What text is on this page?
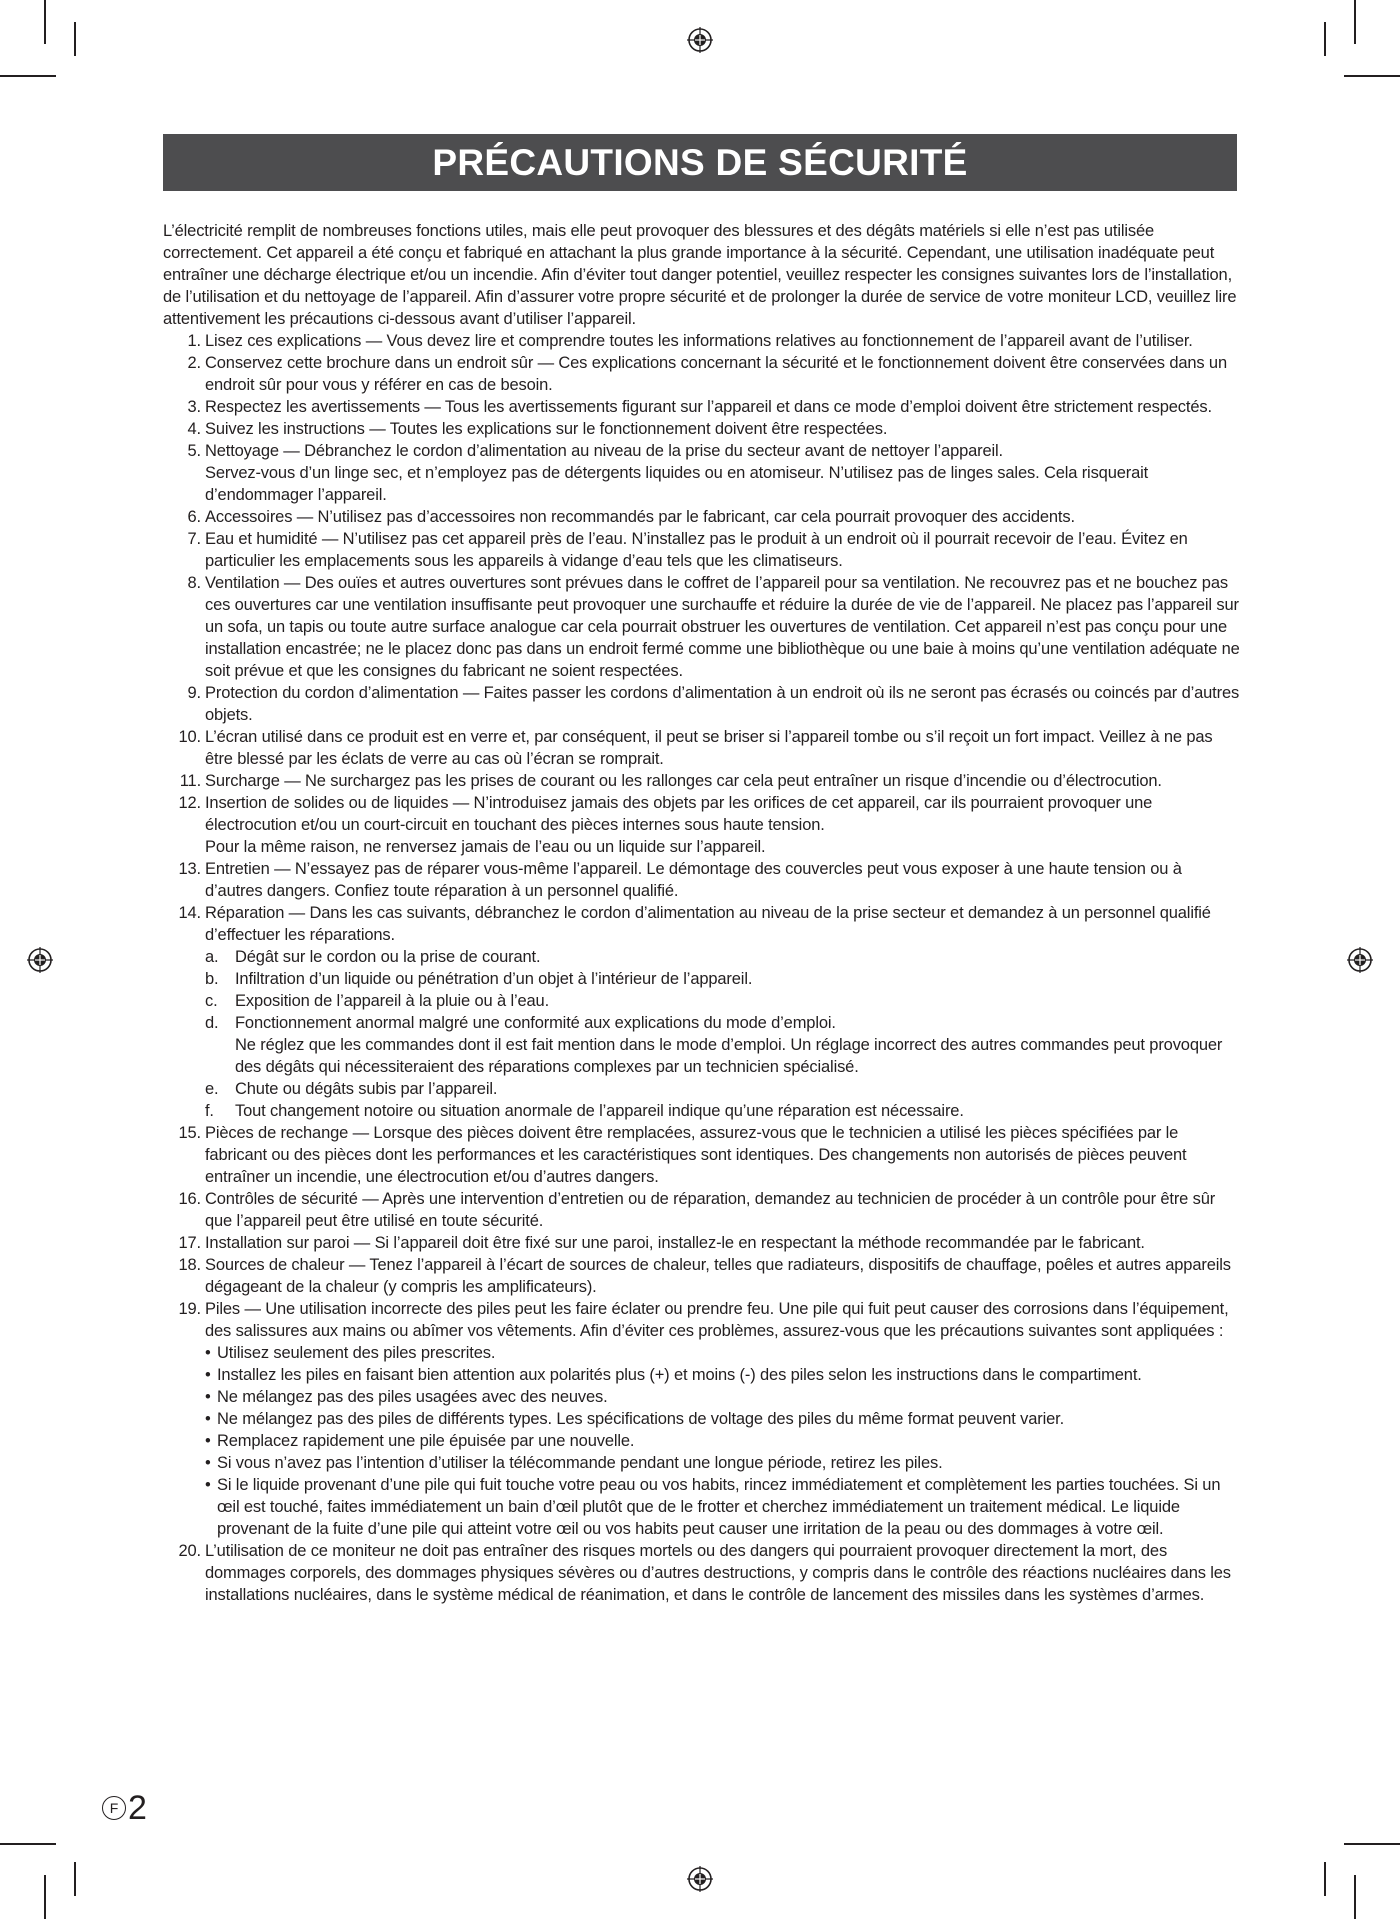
PRÉCAUTIONS DE SÉCURITÉ

L’électricité remplit de nombreuses fonctions utiles, mais elle peut provoquer des blessures et des dégâts matériels si elle n’est pas utilisée correctement. Cet appareil a été conçu et fabriqué en attachant la plus grande importance à la sécurité. Cependant, une utilisation inadéquate peut entraîner une décharge électrique et/ou un incendie. Afin d’éviter tout danger potentiel, veuillez respecter les consignes suivantes lors de l’installation, de l’utilisation et du nettoyage de l’appareil. Afin d’assurer votre propre sécurité et de prolonger la durée de service de votre moniteur LCD, veuillez lire attentivement les précautions ci-dessous avant d’utiliser l’appareil.

1. Lisez ces explications — Vous devez lire et comprendre toutes les informations relatives au fonctionnement de l’appareil avant de l’utiliser.
2. Conservez cette brochure dans un endroit sûr — Ces explications concernant la sécurité et le fonctionnement doivent être conservées dans un endroit sûr pour vous y référer en cas de besoin.
3. Respectez les avertissements — Tous les avertissements figurant sur l’appareil et dans ce mode d’emploi doivent être strictement respectés.
4. Suivez les instructions — Toutes les explications sur le fonctionnement doivent être respectées.
5. Nettoyage — Débranchez le cordon d’alimentation au niveau de la prise du secteur avant de nettoyer l’appareil.
Servez-vous d’un linge sec, et n’employez pas de détergents liquides ou en atomiseur. N’utilisez pas de linges sales. Cela risquerait d’endommager l’appareil.
6. Accessoires — N’utilisez pas d’accessoires non recommandés par le fabricant, car cela pourrait provoquer des accidents.
7. Eau et humidité — N’utilisez pas cet appareil près de l’eau. N’installez pas le produit à un endroit où il pourrait recevoir de l’eau. Évitez en particulier les emplacements sous les appareils à vidange d’eau tels que les climatiseurs.
8. Ventilation — Des ouïes et autres ouvertures sont prévues dans le coffret de l’appareil pour sa ventilation. Ne recouvrez pas et ne bouchez pas ces ouvertures car une ventilation insuffisante peut provoquer une surchauffe et réduire la durée de vie de l’appareil. Ne placez pas l’appareil sur un sofa, un tapis ou toute autre surface analogue car cela pourrait obstruer les ouvertures de ventilation. Cet appareil n’est pas conçu pour une installation encastrée; ne le placez donc pas dans un endroit fermé comme une bibliothèque ou une baie à moins qu’une ventilation adéquate ne soit prévue et que les consignes du fabricant ne soient respectées.
9. Protection du cordon d’alimentation — Faites passer les cordons d’alimentation à un endroit où ils ne seront pas écrasés ou coincés par d’autres objets.
10. L’écran utilisé dans ce produit est en verre et, par conséquent, il peut se briser si l’appareil tombe ou s’il reçoit un fort impact. Veillez à ne pas être blessé par les éclats de verre au cas où l’écran se romprait.
11. Surcharge — Ne surchargez pas les prises de courant ou les rallonges car cela peut entraîner un risque d’incendie ou d’électrocution.
12. Insertion de solides ou de liquides — N’introduisez jamais des objets par les orifices de cet appareil, car ils pourraient provoquer une électrocution et/ou un court-circuit en touchant des pièces internes sous haute tension.
Pour la même raison, ne renversez jamais de l’eau ou un liquide sur l’appareil.
13. Entretien — N’essayez pas de réparer vous-même l’appareil. Le démontage des couvercles peut vous exposer à une haute tension ou à d’autres dangers. Confiez toute réparation à un personnel qualifié.
14. Réparation — Dans les cas suivants, débranchez le cordon d’alimentation au niveau de la prise secteur et demandez à un personnel qualifié d’effectuer les réparations.
a. Dégât sur le cordon ou la prise de courant.
b. Infiltration d’un liquide ou pénétration d’un objet à l’intérieur de l’appareil.
c. Exposition de l’appareil à la pluie ou à l’eau.
d. Fonctionnement anormal malgré une conformité aux explications du mode d’emploi.
Ne réglez que les commandes dont il est fait mention dans le mode d’emploi. Un réglage incorrect des autres commandes peut provoquer des dégâts qui nécessiteraient des réparations complexes par un technicien spécialisé.
e. Chute ou dégâts subis par l’appareil.
f. Tout changement notoire ou situation anormale de l’appareil indique qu’une réparation est nécessaire.
15. Pièces de rechange — Lorsque des pièces doivent être remplacées, assurez-vous que le technicien a utilisé les pièces spécifiées par le fabricant ou des pièces dont les performances et les caractéristiques sont identiques. Des changements non autorisés de pièces peuvent entraîner un incendie, une électrocution et/ou d’autres dangers.
16. Contrôles de sécurité — Après une intervention d’entretien ou de réparation, demandez au technicien de procéder à un contrôle pour être sûr que l’appareil peut être utilisé en toute sécurité.
17. Installation sur paroi — Si l’appareil doit être fixé sur une paroi, installez-le en respectant la méthode recommandée par le fabricant.
18. Sources de chaleur — Tenez l’appareil à l’écart de sources de chaleur, telles que radiateurs, dispositifs de chauffage, poêles et autres appareils dégageant de la chaleur (y compris les amplificateurs).
19. Piles — Une utilisation incorrecte des piles peut les faire éclater ou prendre feu. Une pile qui fuit peut causer des corrosions dans l’équipement, des salissures aux mains ou abîmer vos vêtements. Afin d’éviter ces problèmes, assurez-vous que les précautions suivantes sont appliquées :
• Utilisez seulement des piles prescrites.
• Installez les piles en faisant bien attention aux polarités plus (+) et moins (-) des piles selon les instructions dans le compartiment.
• Ne mélangez pas des piles usagées avec des neuves.
• Ne mélangez pas des piles de différents types. Les spécifications de voltage des piles du même format peuvent varier.
• Remplacez rapidement une pile épuisée par une nouvelle.
• Si vous n’avez pas l’intention d’utiliser la télécommande pendant une longue période, retirez les piles.
• Si le liquide provenant d’une pile qui fuit touche votre peau ou vos habits, rincez immédiatement et complètement les parties touchées. Si un œil est touché, faites immédiatement un bain d’œil plutôt que de le frotter et cherchez immédiatement un traitement médical. Le liquide provenant de la fuite d’une pile qui atteint votre œil ou vos habits peut causer une irritation de la peau ou des dommages à votre œil.
20. L’utilisation de ce moniteur ne doit pas entraîner des risques mortels ou des dangers qui pourraient provoquer directement la mort, des dommages corporels, des dommages physiques sévères ou d’autres destructions, y compris dans le contrôle des réactions nucléaires dans les installations nucléaires, dans le système médical de réanimation, et dans le contrôle de lancement des missiles dans les systèmes d’armes.
F 2
